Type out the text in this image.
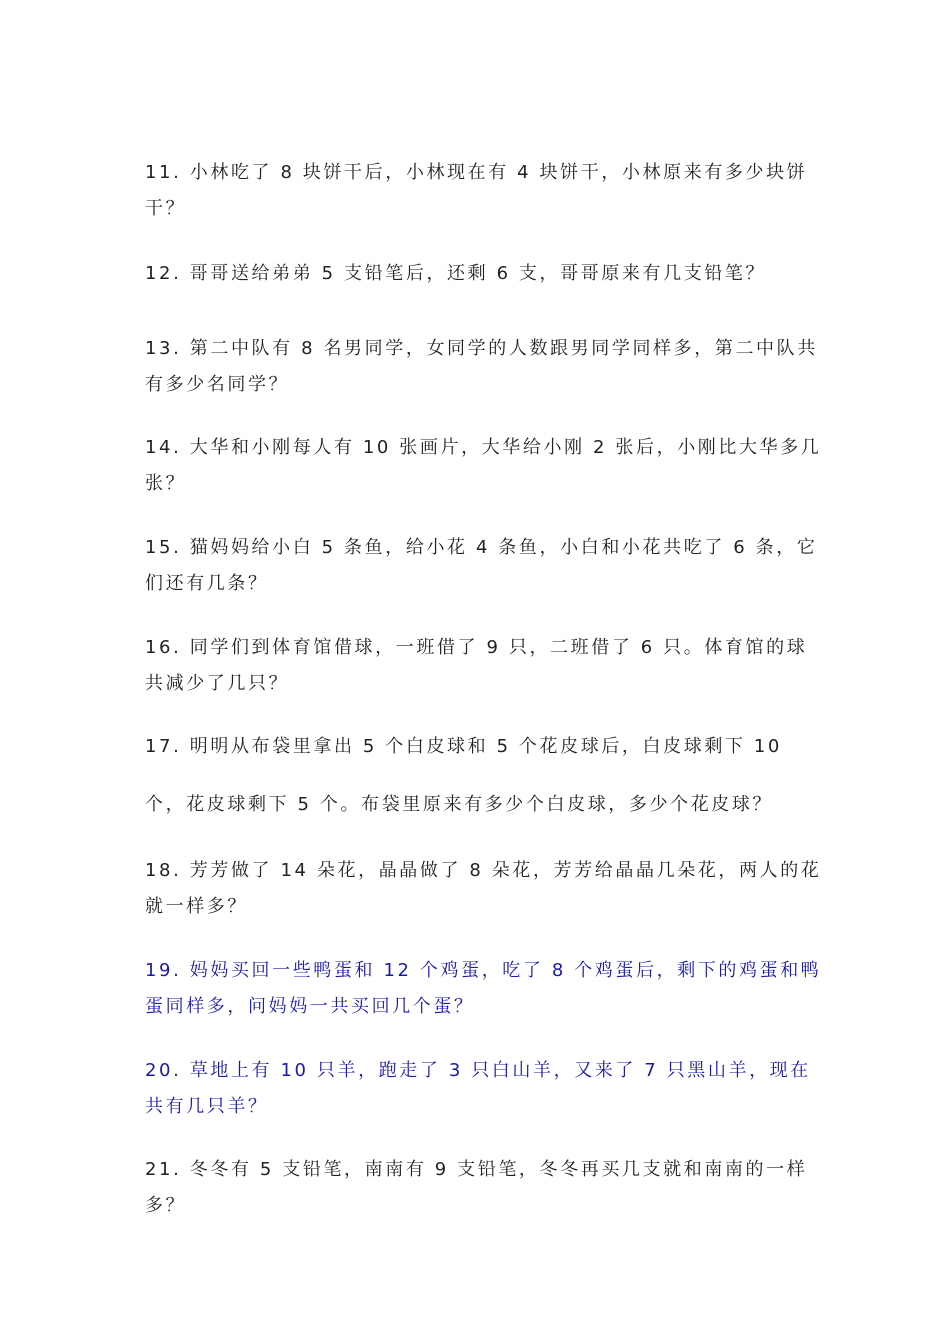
11. 小林吃了 8 块饼干后，小林现在有 4 块饼干，小林原来有多少块饼干？

12. 哥哥送给弟弟 5 支铅笔后，还剩 6 支，哥哥原来有几支铅笔？

13. 第二中队有 8 名男同学，女同学的人数跟男同学同样多，第二中队共有多少名同学？

14. 大华和小刚每人有 10 张画片，大华给小刚 2 张后，小刚比大华多几张？

15. 猫妈妈给小白 5 条鱼，给小花 4 条鱼，小白和小花共吃了 6 条，它们还有几条？

16. 同学们到体育馆借球，一班借了 9 只，二班借了 6 只。体育馆的球共减少了几只？

17. 明明从布袋里拿出 5 个白皮球和 5 个花皮球后，白皮球剩下 10 个，花皮球剩下 5 个。布袋里原来有多少个白皮球，多少个花皮球？

18. 芳芳做了 14 朵花，晶晶做了 8 朵花，芳芳给晶晶几朵花，两人的花就一样多？

19. 妈妈买回一些鸭蛋和 12 个鸡蛋，吃了 8 个鸡蛋后，剩下的鸡蛋和鸭蛋同样多，问妈妈一共买回几个蛋？

20. 草地上有 10 只羊，跑走了 3 只白山羊，又来了 7 只黑山羊，现在共有几只羊？

21. 冬冬有 5 支铅笔，南南有 9 支铅笔，冬冬再买几支就和南南的一样多？
